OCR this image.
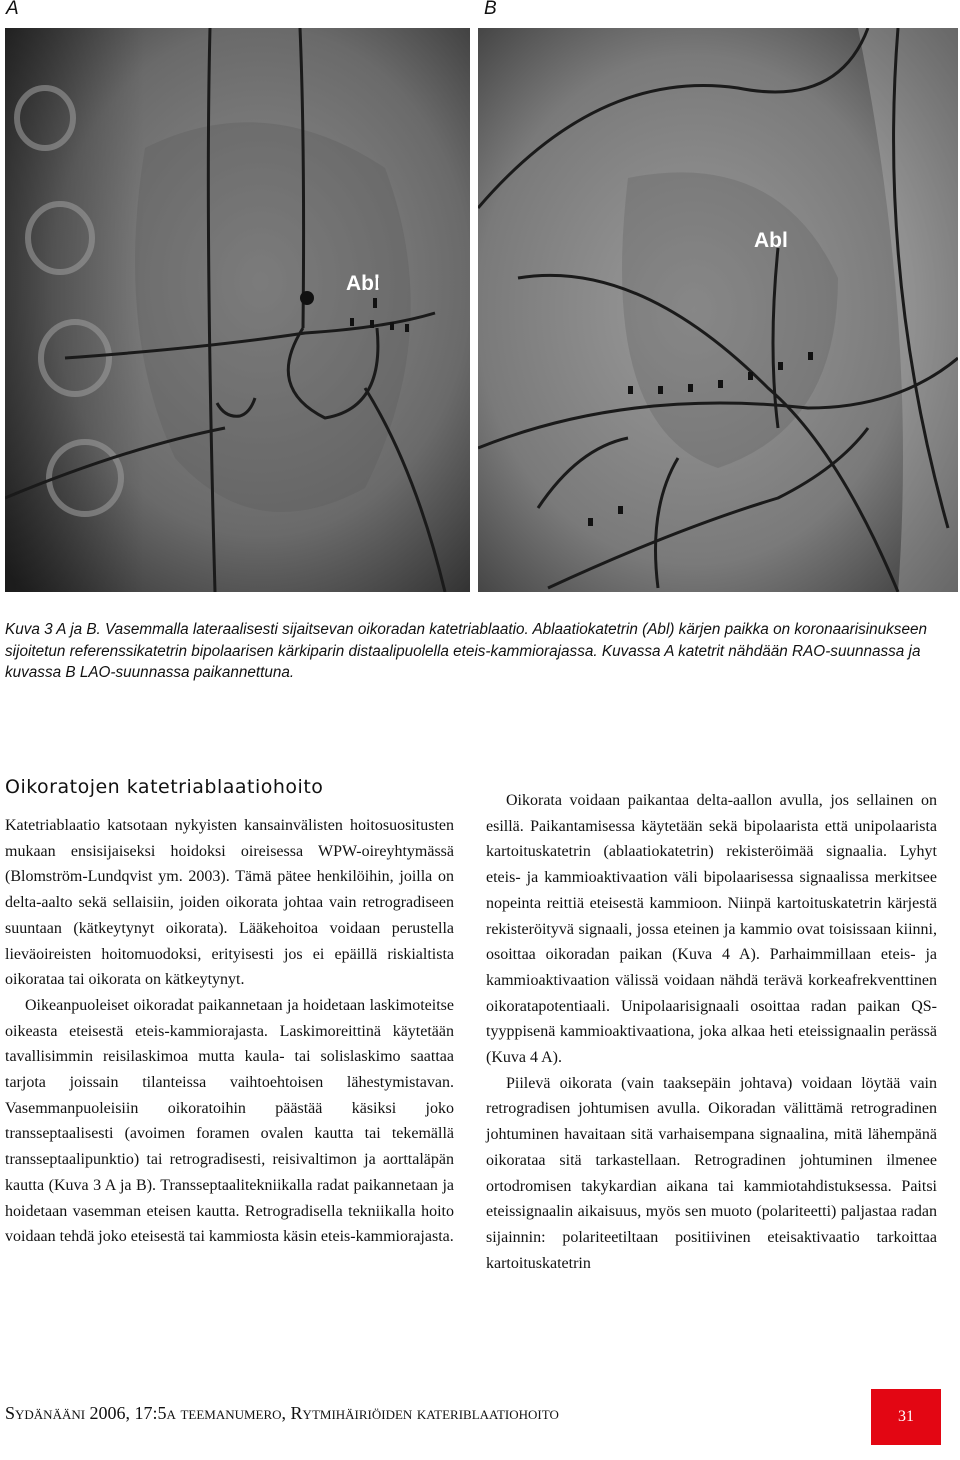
A	B
Abl
Abl

Kuva 3 A ja B. Vasemmalla lateraalisesti sijaitsevan oikoradan katetriablaatio. Ablaatiokatetrin (Abl) kärjen paikka on koronaarisinukseen sijoitetun referenssikatetrin bipolaarisen kärkiparin distaalipuolella eteis-kammiorajassa. Kuvassa A katetrit nähdään RAO-suunnassa ja kuvassa B LAO-suunnassa paikannettuna.

Oikoratojen katetriablaatiohoito

Katetriablaatio katsotaan nykyisten kansainvälisten hoitosuositusten mukaan ensisijaiseksi hoidoksi oireisessa WPW-oireyhtymässä (Blomström-Lundqvist ym. 2003). Tämä pätee henkilöihin, joilla on delta-aalto sekä sellaisiin, joiden oikorata johtaa vain retrogradiseen suuntaan (kätkeytynyt oikorata). Lääkehoitoa voidaan perustella lieväoireisten hoitomuodoksi, erityisesti jos ei epäillä riskialtista oikorataa tai oikorata on kätkeytynyt.

Oikeanpuoleiset oikoradat paikannetaan ja hoidetaan laskimoteitse oikeasta eteisestä eteis-kammiorajasta. Laskimoreittinä käytetään tavallisimmin reisilaskimoa mutta kaula- tai solislaskimo saattaa tarjota joissain tilanteissa vaihtoehtoisen lähestymistavan. Vasemmanpuoleisiin oikoratoihin päästää käsiksi joko transseptaalisesti (avoimen foramen ovalen kautta tai tekemällä transseptaalipunktio) tai retrogradisesti, reisivaltimon ja aorttaläpän kautta (Kuva 3 A ja B). Transseptaalitekniikalla radat paikannetaan ja hoidetaan vasemman eteisen kautta. Retrogradisella tekniikalla hoito voidaan tehdä joko eteisestä tai kammiosta käsin eteis-kammiorajasta.

Oikorata voidaan paikantaa delta-aallon avulla, jos sellainen on esillä. Paikantamisessa käytetään sekä bipolaarista että unipolaarista kartoituskatetrin (ablaatiokatetrin) rekisteröimää signaalia. Lyhyt eteis- ja kammioaktivaation väli bipolaarisessa signaalissa merkitsee nopeinta reittiä eteisestä kammioon. Niinpä kartoituskatetrin kärjestä rekisteröityvä signaali, jossa eteinen ja kammio ovat toisissaan kiinni, osoittaa oikoradan paikan (Kuva 4 A). Parhaimmillaan eteis- ja kammioaktivaation välissä voidaan nähdä terävä korkeafrekventtinen oikoratapotentiaali. Unipolaarisignaali osoittaa radan paikan QS-tyyppisenä kammioaktivaationa, joka alkaa heti eteissignaalin perässä (Kuva 4 A).

Piilevä oikorata (vain taaksepäin johtava) voidaan löytää vain retrogradisen johtumisen avulla. Oikoradan välittämä retrogradinen johtuminen havaitaan sitä varhaisempana signaalina, mitä lähempänä oikorataa sitä tarkastellaan. Retrogradinen johtuminen ilmenee ortodromisen takykardian aikana tai kammiotahdistuksessa. Paitsi eteissignaalin aikaisuus, myös sen muoto (polariteetti) paljastaa radan sijainnin: polariteetiltaan positiivinen eteisaktivaatio tarkoittaa kartoituskatetrin

Sydänääni 2006, 17:5a teemanumero, Rytmihäiriöiden kateriblaatiohoito	31
